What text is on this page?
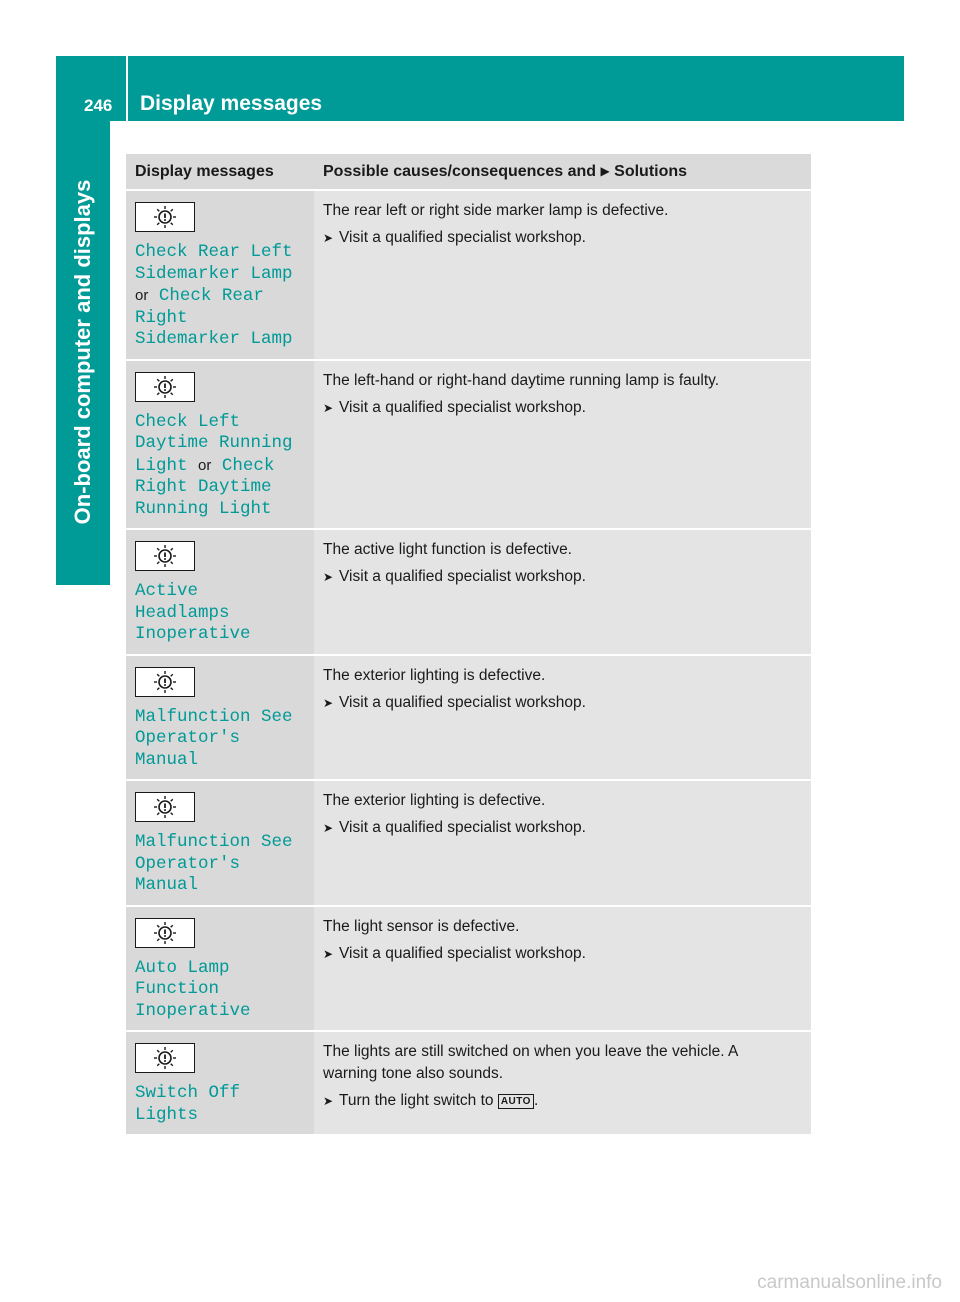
246	Display messages
On-board computer and displays
Display messages	Possible causes/consequences and ▶ Solutions

Check Rear Left Sidemarker Lamp or Check Rear Right Sidemarker Lamp	The rear left or right side marker lamp is defective.
➤ Visit a qualified specialist workshop.

Check Left Daytime Running Light or Check Right Daytime Running Light	The left-hand or right-hand daytime running lamp is faulty.
➤ Visit a qualified specialist workshop.

Active Headlamps Inoperative	The active light function is defective.
➤ Visit a qualified specialist workshop.

Malfunction See Operator's Manual	The exterior lighting is defective.
➤ Visit a qualified specialist workshop.

Malfunction See Operator's Manual	The exterior lighting is defective.
➤ Visit a qualified specialist workshop.

Auto Lamp Function Inoperative	The light sensor is defective.
➤ Visit a qualified specialist workshop.

Switch Off Lights	The lights are still switched on when you leave the vehicle. A warning tone also sounds.
➤ Turn the light switch to AUTO .
carmanualsonline.info
